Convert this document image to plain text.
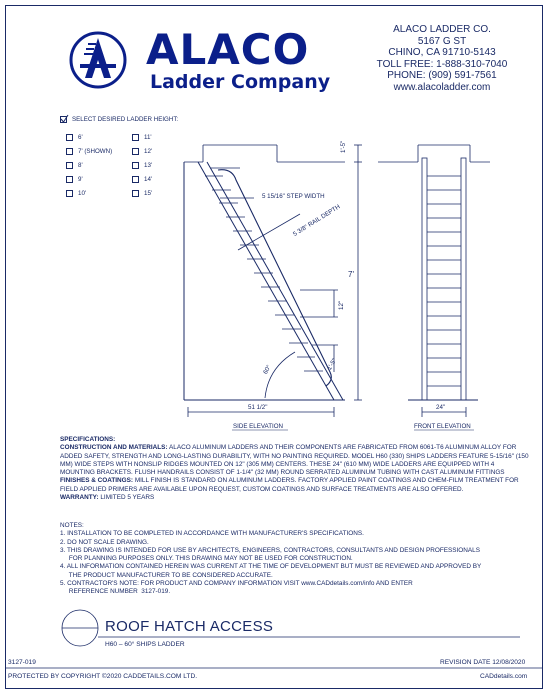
ALACO
Ladder Company
ALACO LADDER CO.
5167 G ST
CHINO, CA 91710-5143
TOLL FREE: 1-888-310-7040
PHONE: (909) 591-7561
www.alacoladder.com
SELECT DESIRED LADDER HEIGHT:
6'
7' (SHOWN)
8'
9'
10'
11'
12'
13'
14'
15'	5 15/16" STEP WIDTH
5 3/8" RAIL DEPTH
1'-5"
7'
12"
1'-5"
60°
51 1/2"	24"
SIDE ELEVATION	FRONT ELEVATION
SPECIFICATIONS:
CONSTRUCTION AND MATERIALS: ALACO ALUMINUM LADDERS AND THEIR COMPONENTS ARE FABRICATED FROM 6061-T6 ALUMINUM ALLOY FOR ADDED SAFETY, STRENGTH AND LONG-LASTING DURABILITY, WITH NO PAINTING REQUIRED. MODEL H60 (330) SHIPS LADDERS FEATURE 5-15/16" (150 MM) WIDE STEPS WITH NONSLIP RIDGES MOUNTED ON 12" (305 MM) CENTERS. THESE 24" (610 MM) WIDE LADDERS ARE EQUIPPED WITH 4 MOUNTING BRACKETS. FLUSH HANDRAILS CONSIST OF 1-1/4" (32 MM) ROUND SERRATED ALUMINUM TUBING WITH CAST ALUMINUM FITTINGS
FINISHES & COATINGS: MILL FINISH IS STANDARD ON ALUMINUM LADDERS. FACTORY APPLIED PAINT COATINGS AND CHEM-FILM TREATMENT FOR FIELD APPLIED PRIMERS ARE AVAILABLE UPON REQUEST, CUSTOM COATINGS AND SURFACE TREATMENTS ARE ALSO OFFERED.
WARRANTY: LIMITED 5 YEARS
NOTES:
1. INSTALLATION TO BE COMPLETED IN ACCORDANCE WITH MANUFACTURER'S SPECIFICATIONS.
2. DO NOT SCALE DRAWING.
3. THIS DRAWING IS INTENDED FOR USE BY ARCHITECTS, ENGINEERS, CONTRACTORS, CONSULTANTS AND DESIGN PROFESSIONALS
FOR PLANNING PURPOSES ONLY. THIS DRAWING MAY NOT BE USED FOR CONSTRUCTION.
4. ALL INFORMATION CONTAINED HEREIN WAS CURRENT AT THE TIME OF DEVELOPMENT BUT MUST BE REVIEWED AND APPROVED BY
THE PRODUCT MANUFACTURER TO BE CONSIDERED ACCURATE.
5. CONTRACTOR'S NOTE: FOR PRODUCT AND COMPANY INFORMATION VISIT www.CADdetails.com/info AND ENTER
REFERENCE NUMBER  3127-019.
ROOF HATCH ACCESS
H60 – 60° SHIPS LADDER
3127-019	REVISION DATE 12/08/2020
PROTECTED BY COPYRIGHT ©2020 CADDETAILS.COM LTD.	CADdetails.com
